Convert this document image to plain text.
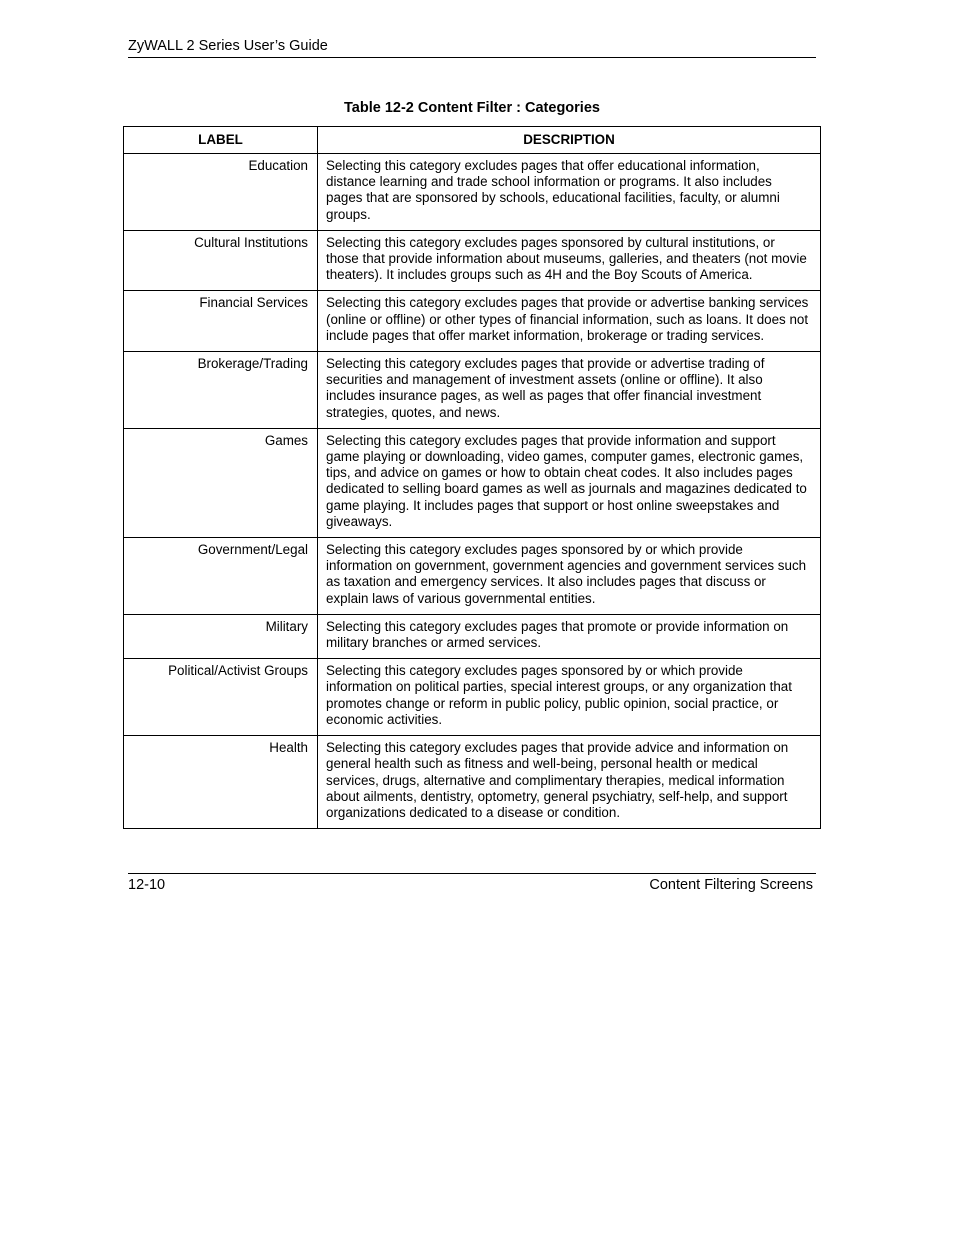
ZyWALL 2 Series User’s Guide
Table 12-2 Content Filter : Categories
LABEL	DESCRIPTION
Education	Selecting this category excludes pages that offer educational information, distance learning and trade school information or programs. It also includes pages that are sponsored by schools, educational facilities, faculty, or alumni groups.
Cultural Institutions	Selecting this category excludes pages sponsored by cultural institutions, or those that provide information about museums, galleries, and theaters (not movie theaters). It includes groups such as 4H and the Boy Scouts of America.
Financial Services	Selecting this category excludes pages that provide or advertise banking services (online or offline) or other types of financial information, such as loans. It does not include pages that offer market information, brokerage or trading services.
Brokerage/Trading	Selecting this category excludes pages that provide or advertise trading of securities and management of investment assets (online or offline). It also includes insurance pages, as well as pages that offer financial investment strategies, quotes, and news.
Games	Selecting this category excludes pages that provide information and support game playing or downloading, video games, computer games, electronic games, tips, and advice on games or how to obtain cheat codes. It also includes pages dedicated to selling board games as well as journals and magazines dedicated to game playing. It includes pages that support or host online sweepstakes and giveaways.
Government/Legal	Selecting this category excludes pages sponsored by or which provide information on government, government agencies and government services such as taxation and emergency services. It also includes pages that discuss or explain laws of various governmental entities.
Military	Selecting this category excludes pages that promote or provide information on military branches or armed services.
Political/Activist Groups	Selecting this category excludes pages sponsored by or which provide information on political parties, special interest groups, or any organization that promotes change or reform in public policy, public opinion, social practice, or economic activities.
Health	Selecting this category excludes pages that provide advice and information on general health such as fitness and well-being, personal health or medical services, drugs, alternative and complimentary therapies, medical information about ailments, dentistry, optometry, general psychiatry, self-help, and support organizations dedicated to a disease or condition.
12-10	Content Filtering Screens
